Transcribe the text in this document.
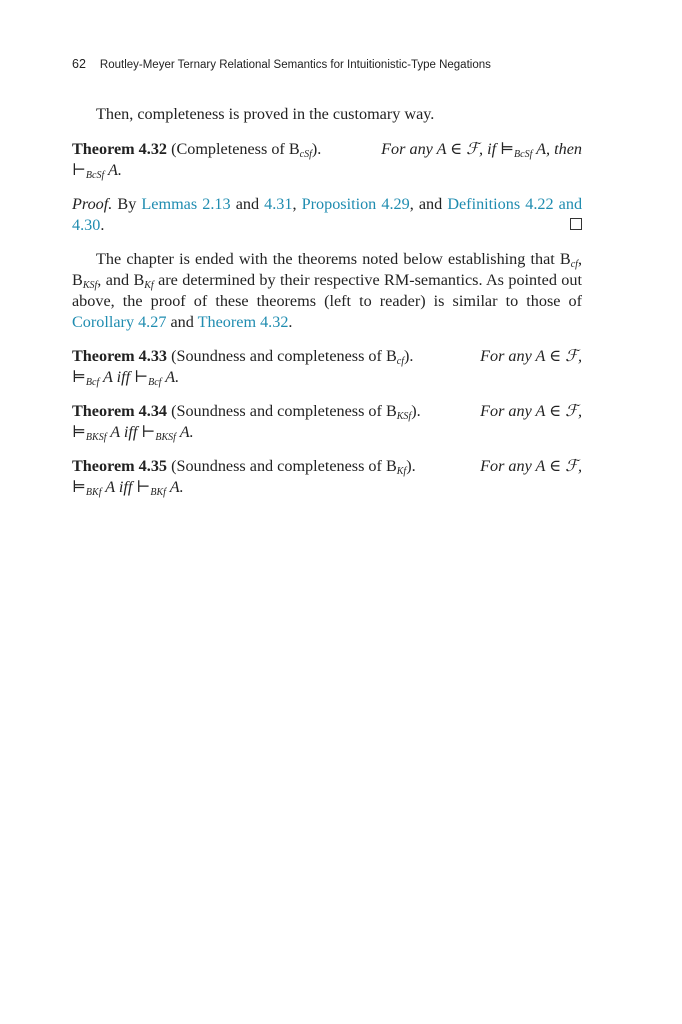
62 Routley-Meyer Ternary Relational Semantics for Intuitionistic-Type Negations
Then, completeness is proved in the customary way.
Theorem 4.32 (Completeness of $B_{cSf}$).	For any A ∈ ℱ, if $⊨_{BcSf}$ A, then
$⊢_{BcSf}$ A.
Proof. By Lemmas 2.13 and 4.31, Proposition 4.29, and Definitions 4.22 and 4.30.
The chapter is ended with the theorems noted below establishing that $B_{cf}$, $B_{KSf}$, and $B_{Kf}$ are determined by their respective RM-semantics. As pointed out above, the proof of these theorems (left to reader) is similar to those of Corollary 4.27 and Theorem 4.32.
Theorem 4.33 (Soundness and completeness of $B_{cf}$).	For any A ∈ ℱ,
$⊨_{Bcf}$ A iff $⊢_{Bcf}$ A.
Theorem 4.34 (Soundness and completeness of $B_{KSf}$).	For any A ∈ ℱ,
$⊨_{BKSf}$ A iff $⊢_{BKSf}$ A.
Theorem 4.35 (Soundness and completeness of $B_{Kf}$).	For any A ∈ ℱ,
$⊨_{BKf}$ A iff $⊢_{BKf}$ A.
